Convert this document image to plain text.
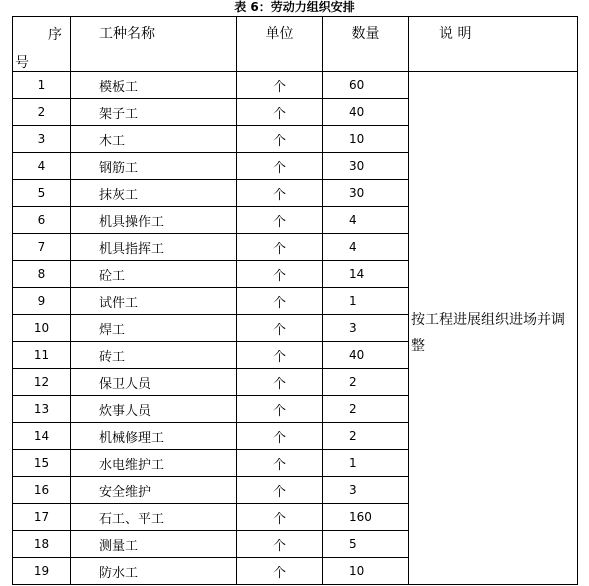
表 6：劳动力组织安排
序
号	工种名称	单位	数量	说 明
1	模板工	个	60	按工程进展组织进场并调整
2	架子工	个	40	
3	木工	个	10	
4	钢筋工	个	30	
5	抹灰工	个	30	
6	机具操作工	个	4	
7	机具指挥工	个	4	
8	砼工	个	14	
9	试件工	个	1	
10	焊工	个	3	
11	砖工	个	40	
12	保卫人员	个	2	
13	炊事人员	个	2	
14	机械修理工	个	2	
15	水电维护工	个	1	
16	安全维护	个	3	
17	石工、平工	个	160	
18	测量工	个	5	
19	防水工	个	10	
